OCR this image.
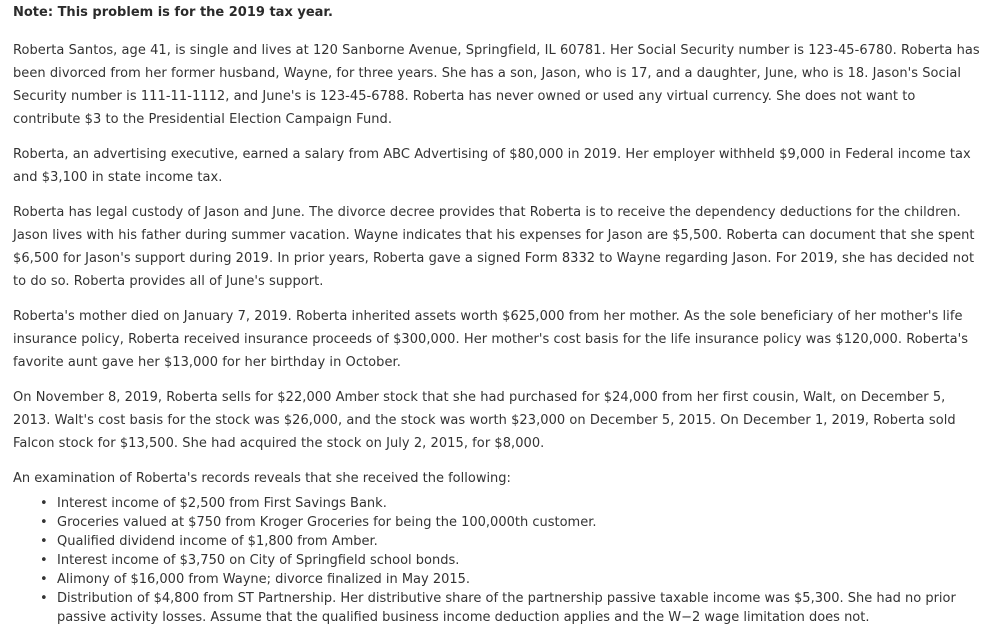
Note: This problem is for the 2019 tax year.

Roberta Santos, age 41, is single and lives at 120 Sanborne Avenue, Springfield, IL 60781. Her Social Security number is 123-45-6780. Roberta has been divorced from her former husband, Wayne, for three years. She has a son, Jason, who is 17, and a daughter, June, who is 18. Jason's Social Security number is 111-11-1112, and June's is 123-45-6788. Roberta has never owned or used any virtual currency. She does not want to contribute $3 to the Presidential Election Campaign Fund.

Roberta, an advertising executive, earned a salary from ABC Advertising of $80,000 in 2019. Her employer withheld $9,000 in Federal income tax and $3,100 in state income tax.

Roberta has legal custody of Jason and June. The divorce decree provides that Roberta is to receive the dependency deductions for the children. Jason lives with his father during summer vacation. Wayne indicates that his expenses for Jason are $5,500. Roberta can document that she spent $6,500 for Jason's support during 2019. In prior years, Roberta gave a signed Form 8332 to Wayne regarding Jason. For 2019, she has decided not to do so. Roberta provides all of June's support.

Roberta's mother died on January 7, 2019. Roberta inherited assets worth $625,000 from her mother. As the sole beneficiary of her mother's life insurance policy, Roberta received insurance proceeds of $300,000. Her mother's cost basis for the life insurance policy was $120,000. Roberta's favorite aunt gave her $13,000 for her birthday in October.

On November 8, 2019, Roberta sells for $22,000 Amber stock that she had purchased for $24,000 from her first cousin, Walt, on December 5, 2013. Walt's cost basis for the stock was $26,000, and the stock was worth $23,000 on December 5, 2015. On December 1, 2019, Roberta sold Falcon stock for $13,500. She had acquired the stock on July 2, 2015, for $8,000.

An examination of Roberta's records reveals that she received the following:

• Interest income of $2,500 from First Savings Bank.
• Groceries valued at $750 from Kroger Groceries for being the 100,000th customer.
• Qualified dividend income of $1,800 from Amber.
• Interest income of $3,750 on City of Springfield school bonds.
• Alimony of $16,000 from Wayne; divorce finalized in May 2015.
• Distribution of $4,800 from ST Partnership. Her distributive share of the partnership passive taxable income was $5,300. She had no prior passive activity losses. Assume that the qualified business income deduction applies and the W−2 wage limitation does not.
